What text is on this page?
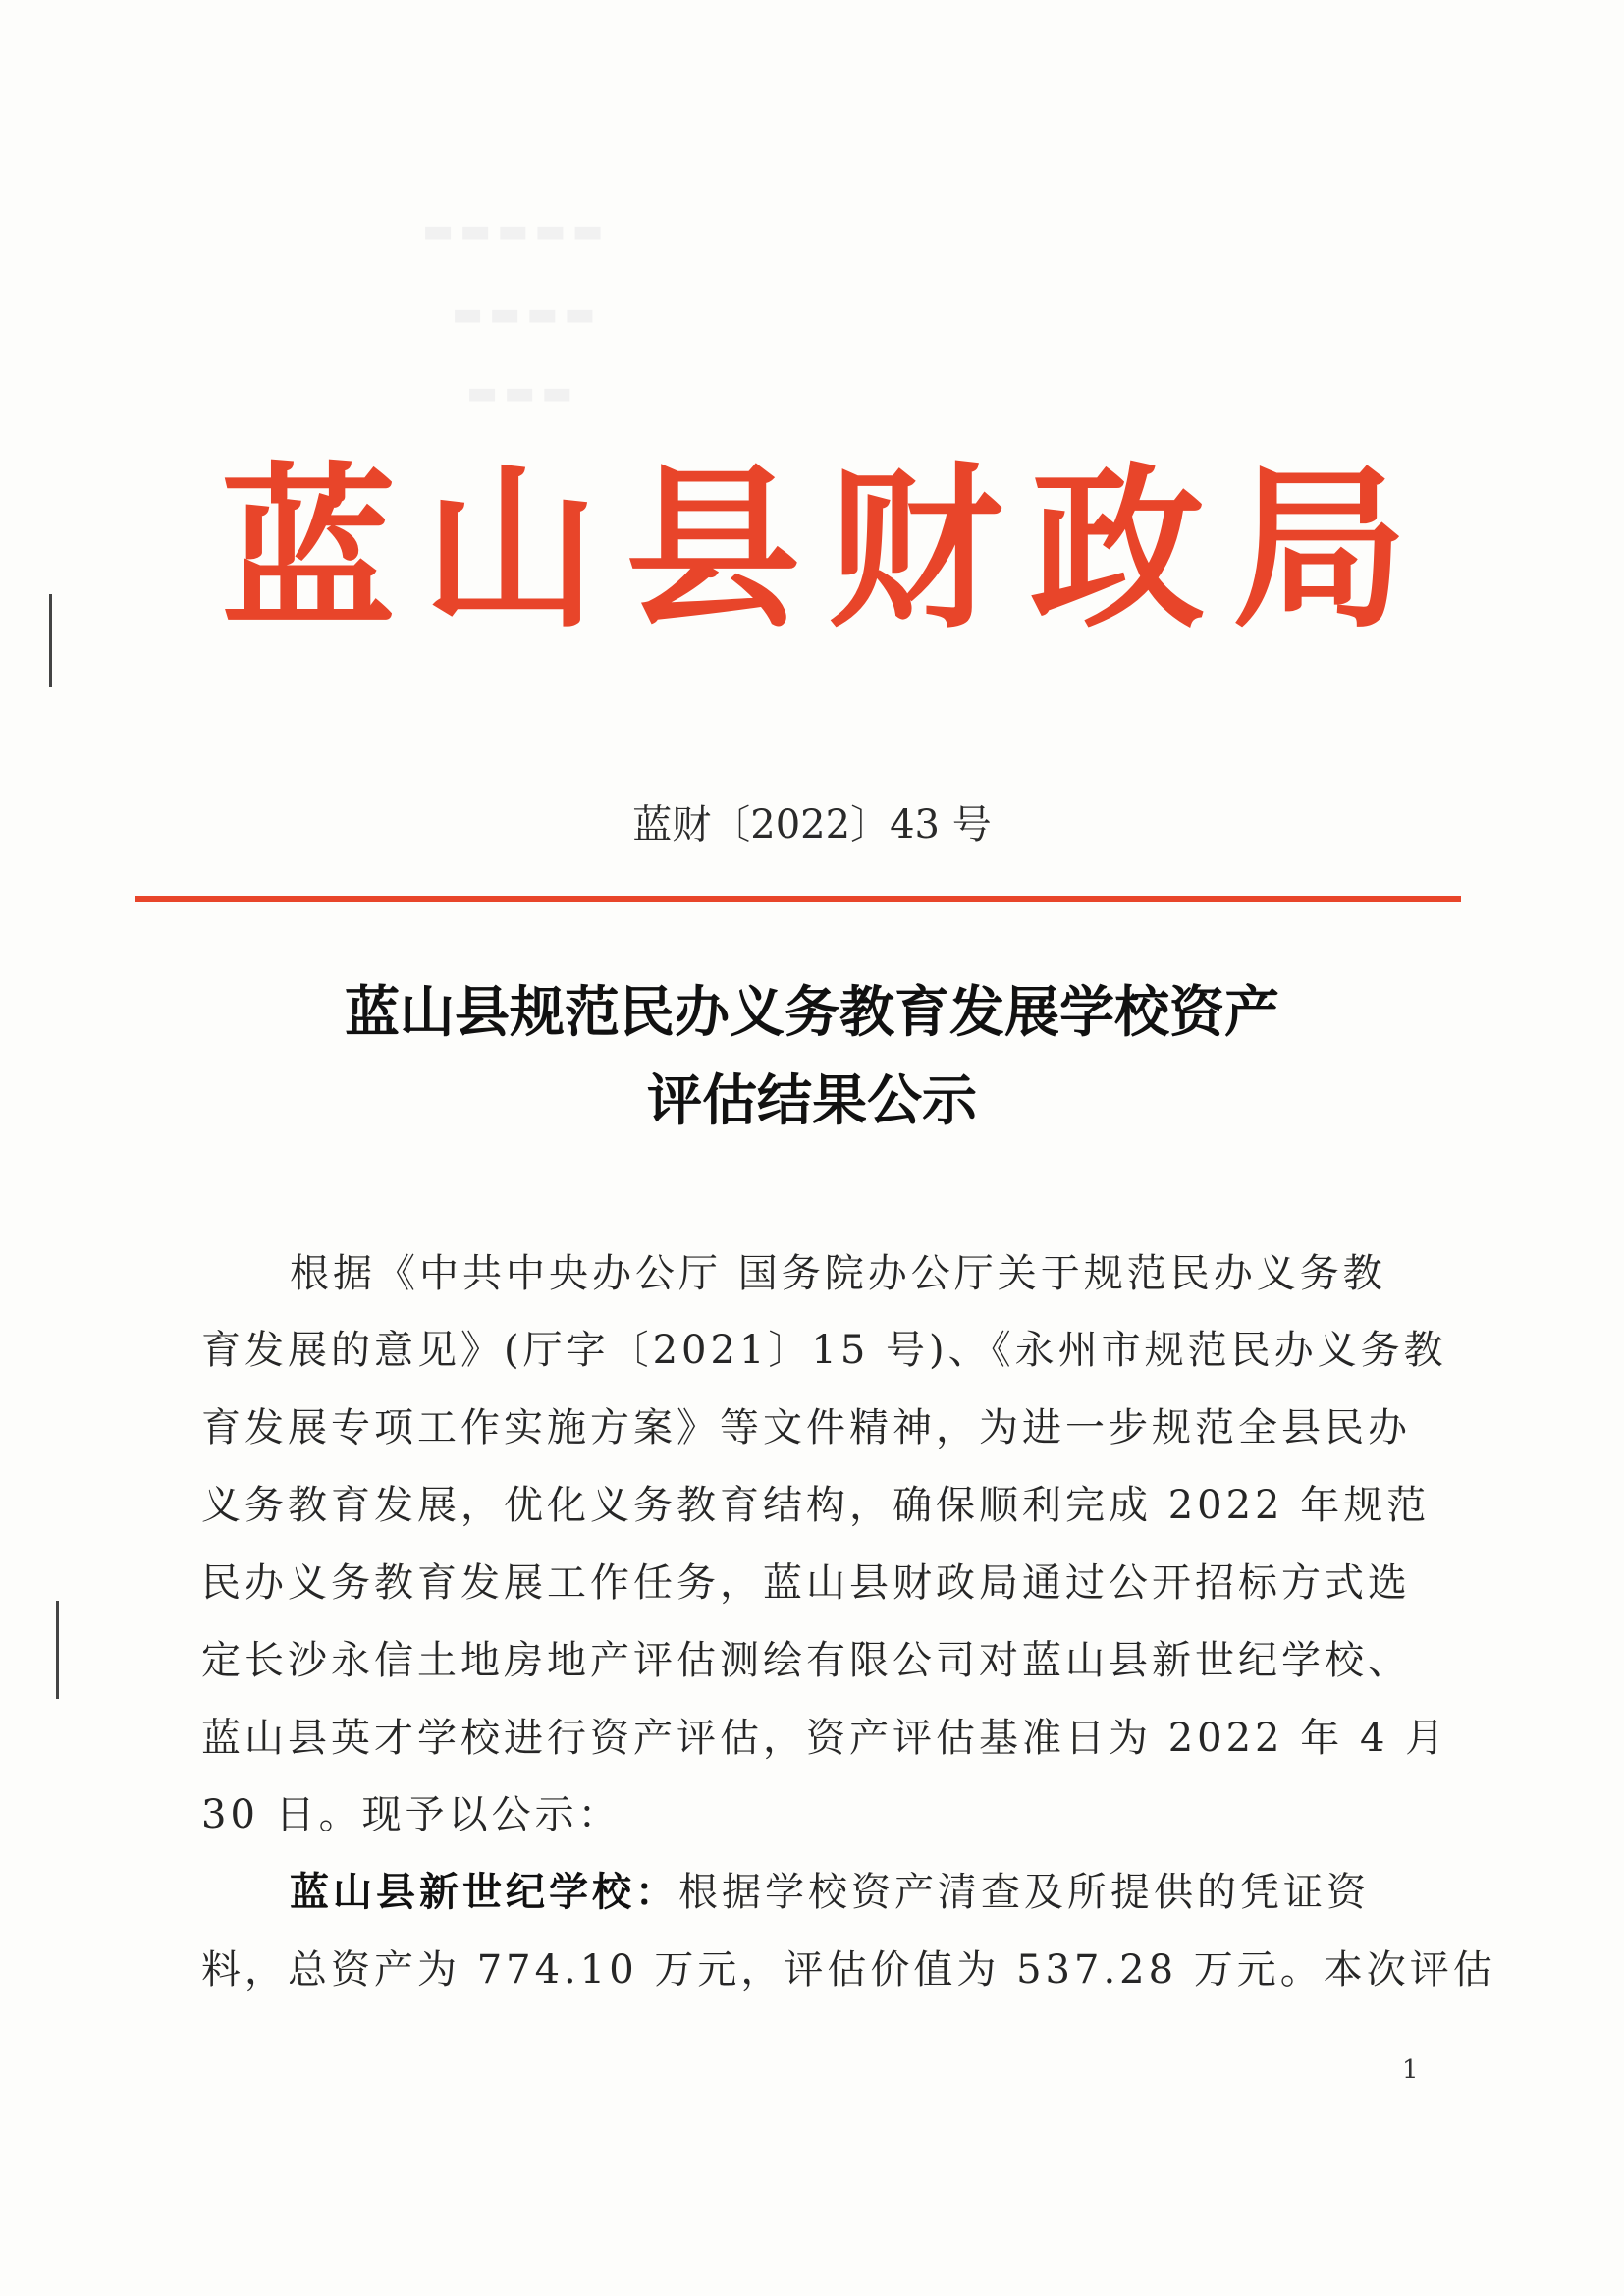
▬▬▬▬▬
▬▬▬▬
▬▬▬
蓝山县财政局
蓝财〔2022〕43 号
蓝山县规范民办义务教育发展学校资产
评估结果公示
根据《中共中央办公厅 国务院办公厅关于规范民办义务教
育发展的意见》(厅字〔2021〕15 号)、《永州市规范民办义务教
育发展专项工作实施方案》等文件精神，为进一步规范全县民办
义务教育发展，优化义务教育结构，确保顺利完成 2022 年规范
民办义务教育发展工作任务，蓝山县财政局通过公开招标方式选
定长沙永信土地房地产评估测绘有限公司对蓝山县新世纪学校、
蓝山县英才学校进行资产评估，资产评估基准日为 2022 年 4 月
30 日。现予以公示：
蓝山县新世纪学校：根据学校资产清查及所提供的凭证资
料，总资产为 774.10 万元，评估价值为 537.28 万元。本次评估
1
